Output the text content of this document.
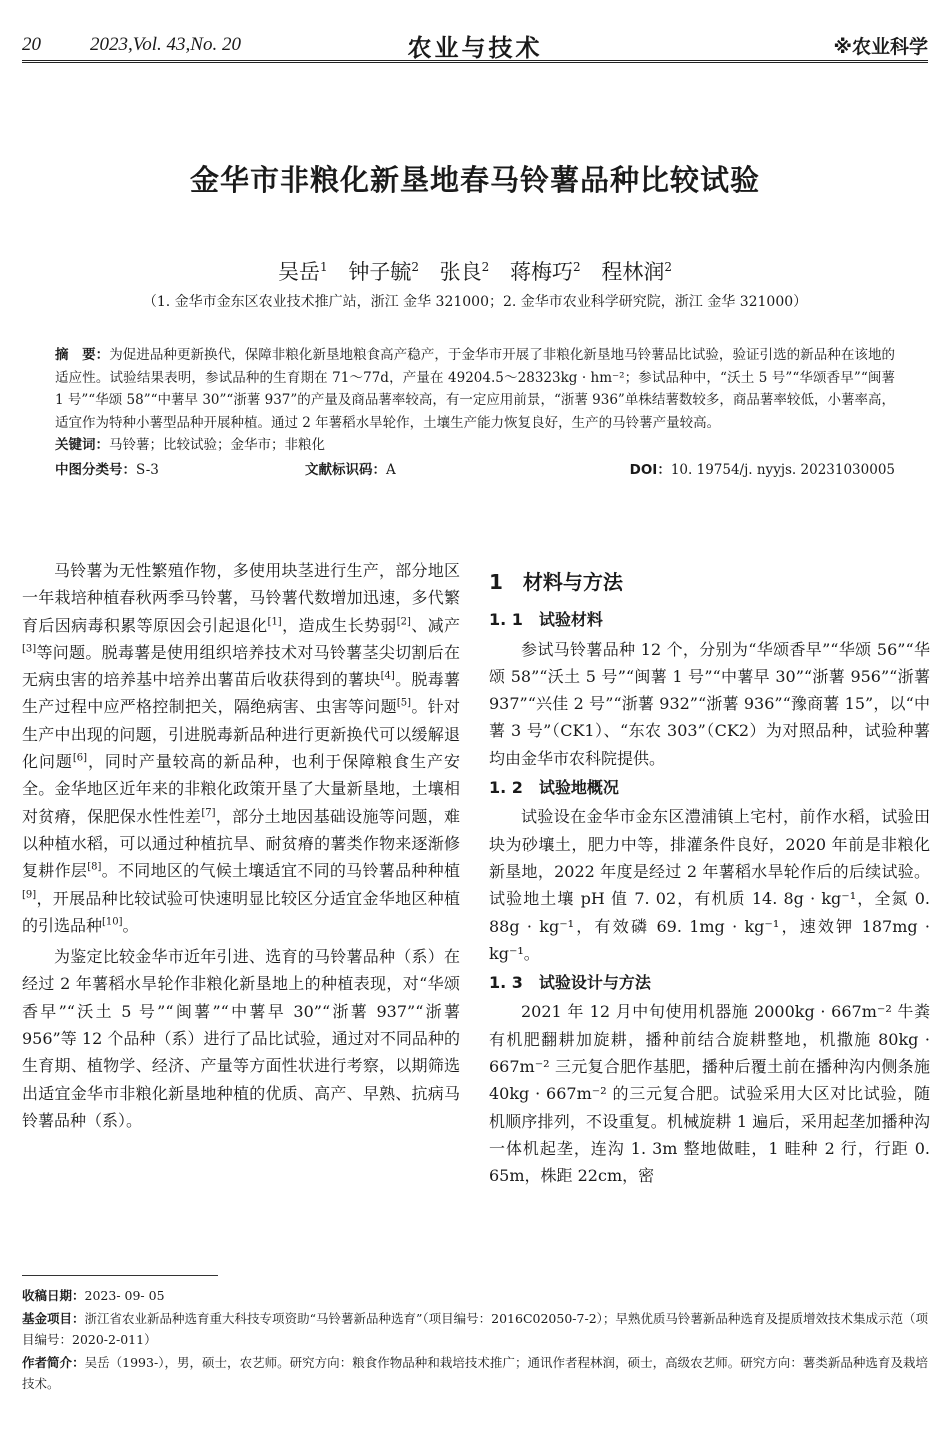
20	2023,Vol. 43,No. 20	农业与技术	※农业科学
金华市非粮化新垦地春马铃薯品种比较试验
吴岳$^1$ 钟子毓$^2$ 张良$^2$ 蒋梅巧$^2$ 程林润$^2$
（1. 金华市金东区农业技术推广站，浙江 金华 321000；2. 金华市农业科学研究院，浙江 金华 321000）

摘　要：为促进品种更新换代，保障非粮化新垦地粮食高产稳产，于金华市开展了非粮化新垦地马铃薯品比试验，验证引选的新品种在该地的适应性。试验结果表明，参试品种的生育期在 71～77d，产量在 49204.5～28323kg · hm⁻²；参试品种中，“沃土 5 号”“华颂香早”“闽薯 1 号”“华颂 58”“中薯早 30”“浙薯 937”的产量及商品薯率较高，有一定应用前景，“浙薯 936”单株结薯数较多，商品薯率较低，小薯率高，适宜作为特种小薯型品种开展种植。通过 2 年薯稻水旱轮作，土壤生产能力恢复良好，生产的马铃薯产量较高。

关键词：马铃薯；比较试验；金华市；非粮化

中图分类号：S-3	文献标识码：A	DOI：10. 19754/j. nyyjs. 20231030005

马铃薯为无性繁殖作物，多使用块茎进行生产，部分地区一年栽培种植春秋两季马铃薯，马铃薯代数增加迅速，多代繁育后因病毒积累等原因会引起退化[1]，造成生长势弱[2]、减产[3]等问题。脱毒薯是使用组织培养技术对马铃薯茎尖切割后在无病虫害的培养基中培养出薯苗后收获得到的薯块[4]。脱毒薯生产过程中应严格控制把关，隔绝病害、虫害等问题[5]。针对生产中出现的问题，引进脱毒新品种进行更新换代可以缓解退化问题[6]，同时产量较高的新品种，也利于保障粮食生产安全。金华地区近年来的非粮化政策开垦了大量新垦地，土壤相对贫瘠，保肥保水性性差[7]，部分土地因基础设施等问题，难以种植水稻，可以通过种植抗旱、耐贫瘠的薯类作物来逐渐修复耕作层[8]。不同地区的气候土壤适宜不同的马铃薯品种种植[9]，开展品种比较试验可快速明显比较区分适宜金华地区种植的引选品种[10]。

为鉴定比较金华市近年引进、选育的马铃薯品种（系）在经过 2 年薯稻水旱轮作非粮化新垦地上的种植表现，对“华颂香早”“沃土 5 号”“闽薯”“中薯早 30”“浙薯 937”“浙薯 956”等 12 个品种（系）进行了品比试验，通过对不同品种的生育期、植物学、经济、产量等方面性状进行考察，以期筛选出适宜金华市非粮化新垦地种植的优质、高产、早熟、抗病马铃薯品种（系）。

1　材料与方法
1. 1　试验材料

参试马铃薯品种 12 个，分别为“华颂香早”“华颂 56”“华颂 58”“沃土 5 号”“闽薯 1 号”“中薯早 30”“浙薯 956”“浙薯 937”“兴佳 2 号”“浙薯 932”“浙薯 936”“豫商薯 15”，以“中薯 3 号”（CK1）、“东农 303”（CK2）为对照品种，试验种薯均由金华市农科院提供。

1. 2　试验地概况

试验设在金华市金东区澧浦镇上宅村，前作水稻，试验田块为砂壤土，肥力中等，排灌条件良好，2020 年前是非粮化新垦地，2022 年度是经过 2 年薯稻水旱轮作后的后续试验。试验地土壤 pH 值 7. 02，有机质 14. 8g · kg⁻¹，全氮 0. 88g · kg⁻¹，有效磷 69. 1mg · kg⁻¹，速效钾 187mg · kg⁻¹。

1. 3　试验设计与方法

2021 年 12 月中旬使用机器施 2000kg · 667m⁻² 牛粪有机肥翻耕加旋耕，播种前结合旋耕整地，机撒施 80kg · 667m⁻² 三元复合肥作基肥，播种后覆土前在播种沟内侧条施 40kg · 667m⁻² 的三元复合肥。试验采用大区对比试验，随机顺序排列，不设重复。机械旋耕 1 遍后，采用起垄加播种沟一体机起垄，连沟 1. 3m 整地做畦，1 畦种 2 行，行距 0. 65m，株距 22cm，密

收稿日期：2023- 09- 05

基金项目：浙江省农业新品种选育重大科技专项资助“马铃薯新品种选育”（项目编号：2016C02050-7-2）；早熟优质马铃薯新品种选育及提质增效技术集成示范（项目编号：2020-2-011）

作者简介：吴岳（1993-），男，硕士，农艺师。研究方向：粮食作物品种和栽培技术推广；通讯作者程林润，硕士，高级农艺师。研究方向：薯类新品种选育及栽培技术。
